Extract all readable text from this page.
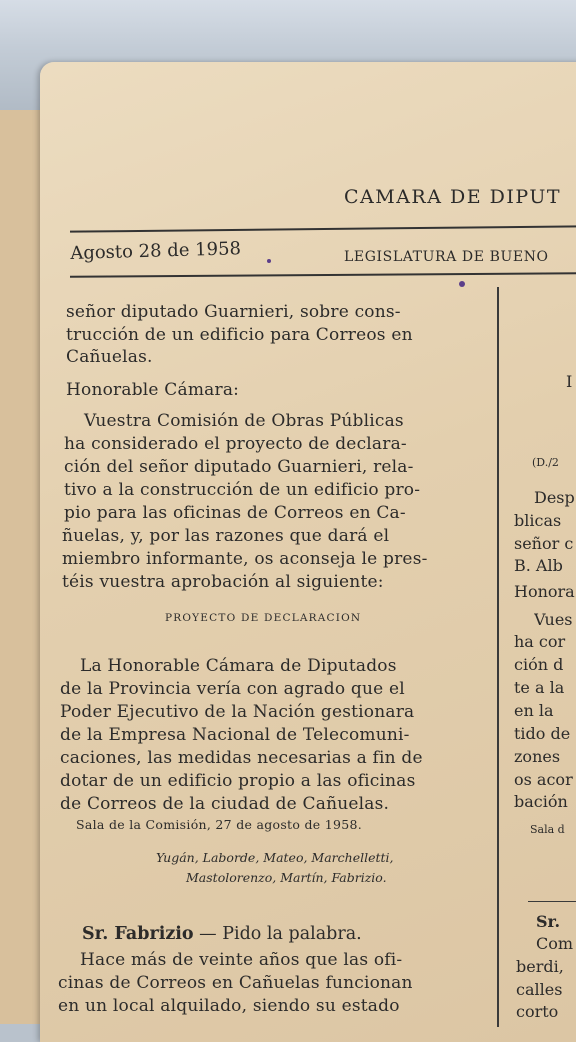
CAMARA DE DIPUT
Agosto 28 de 1958	LEGISLATURA DE BUENO
señor diputado Guarnieri, sobre cons-
trucción de un edificio para Correos en
Cañuelas.
Honorable Cámara:
Vuestra Comisión de Obras Públicas
ha considerado el proyecto de declara-
ción del señor diputado Guarnieri, rela-
tivo a la construcción de un edificio pro-
pio para las oficinas de Correos en Ca-
ñuelas, y, por las razones que dará el
miembro informante, os aconseja le pres-
téis vuestra aprobación al siguiente:
PROYECTO DE DECLARACION
La Honorable Cámara de Diputados
de la Provincia vería con agrado que el
Poder Ejecutivo de la Nación gestionara
de la Empresa Nacional de Telecomuni-
caciones, las medidas necesarias a fin de
dotar de un edificio propio a las oficinas
de Correos de la ciudad de Cañuelas.
Sala de la Comisión, 27 de agosto de 1958.
Yugán, Laborde, Mateo, Marchelletti,
Mastolorenzo, Martín, Fabrizio.
Sr. Fabrizio — Pido la palabra.
Hace más de veinte años que las ofi-
cinas de Correos en Cañuelas funcionan
en un local alquilado, siendo su estado
I
(D./2
Desp
blicas
señor c
B. Alb
Honora
Vues
ha cor
ción d
te a la
en la
tido de
zones
os acor
bación
Sala d
Sr.
Com
berdi,
calles
corto
